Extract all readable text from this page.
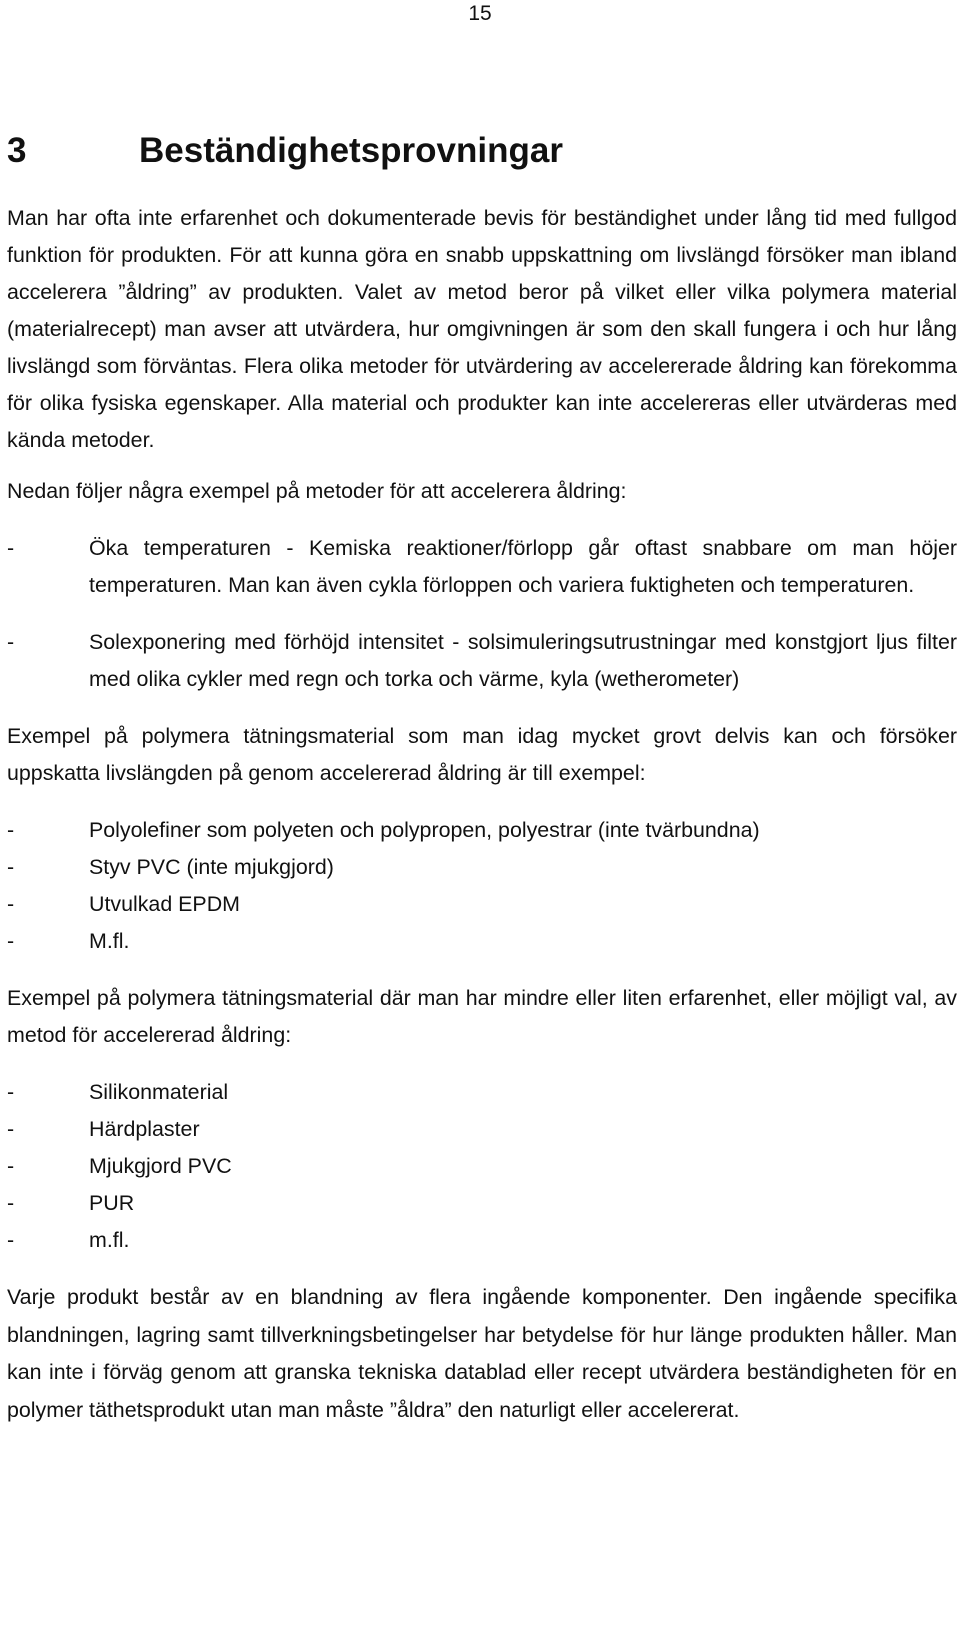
15
3	Beständighetsprovningar

Man har ofta inte erfarenhet och dokumenterade bevis för beständighet under lång tid med fullgod funktion för produkten. För att kunna göra en snabb uppskattning om livslängd försöker man ibland accelerera ”åldring” av produkten. Valet av metod beror på vilket eller vilka polymera material (materialrecept) man avser att utvärdera, hur omgivningen är som den skall fungera i och hur lång livslängd som förväntas. Flera olika metoder för utvärdering av accelererade åldring kan förekomma för olika fysiska egenskaper. Alla material och produkter kan inte accelereras eller utvärderas med kända metoder.

Nedan följer några exempel på metoder för att accelerera åldring:

-	Öka temperaturen - Kemiska reaktioner/förlopp går oftast snabbare om man höjer temperaturen. Man kan även cykla förloppen och variera fuktigheten och temperaturen.
-	Solexponering med förhöjd intensitet - solsimuleringsutrustningar med konstgjort ljus filter med olika cykler med regn och torka och värme, kyla (wetherometer)

Exempel på polymera tätningsmaterial som man idag mycket grovt delvis kan och försöker uppskatta livslängden på genom accelererad åldring är till exempel:

-	Polyolefiner som polyeten och polypropen, polyestrar (inte tvärbundna)
-	Styv PVC (inte mjukgjord)
-	Utvulkad EPDM
-	M.fl.

Exempel på polymera tätningsmaterial där man har mindre eller liten erfarenhet, eller möjligt val, av metod för accelererad åldring:

-	Silikonmaterial
-	Härdplaster
-	Mjukgjord PVC
-	PUR
-	m.fl.

Varje produkt består av en blandning av flera ingående komponenter. Den ingående specifika blandningen, lagring samt tillverkningsbetingelser har betydelse för hur länge produkten håller. Man kan inte i förväg genom att granska tekniska datablad eller recept utvärdera beständigheten för en polymer täthetsprodukt utan man måste ”åldra” den naturligt eller accelererat.
